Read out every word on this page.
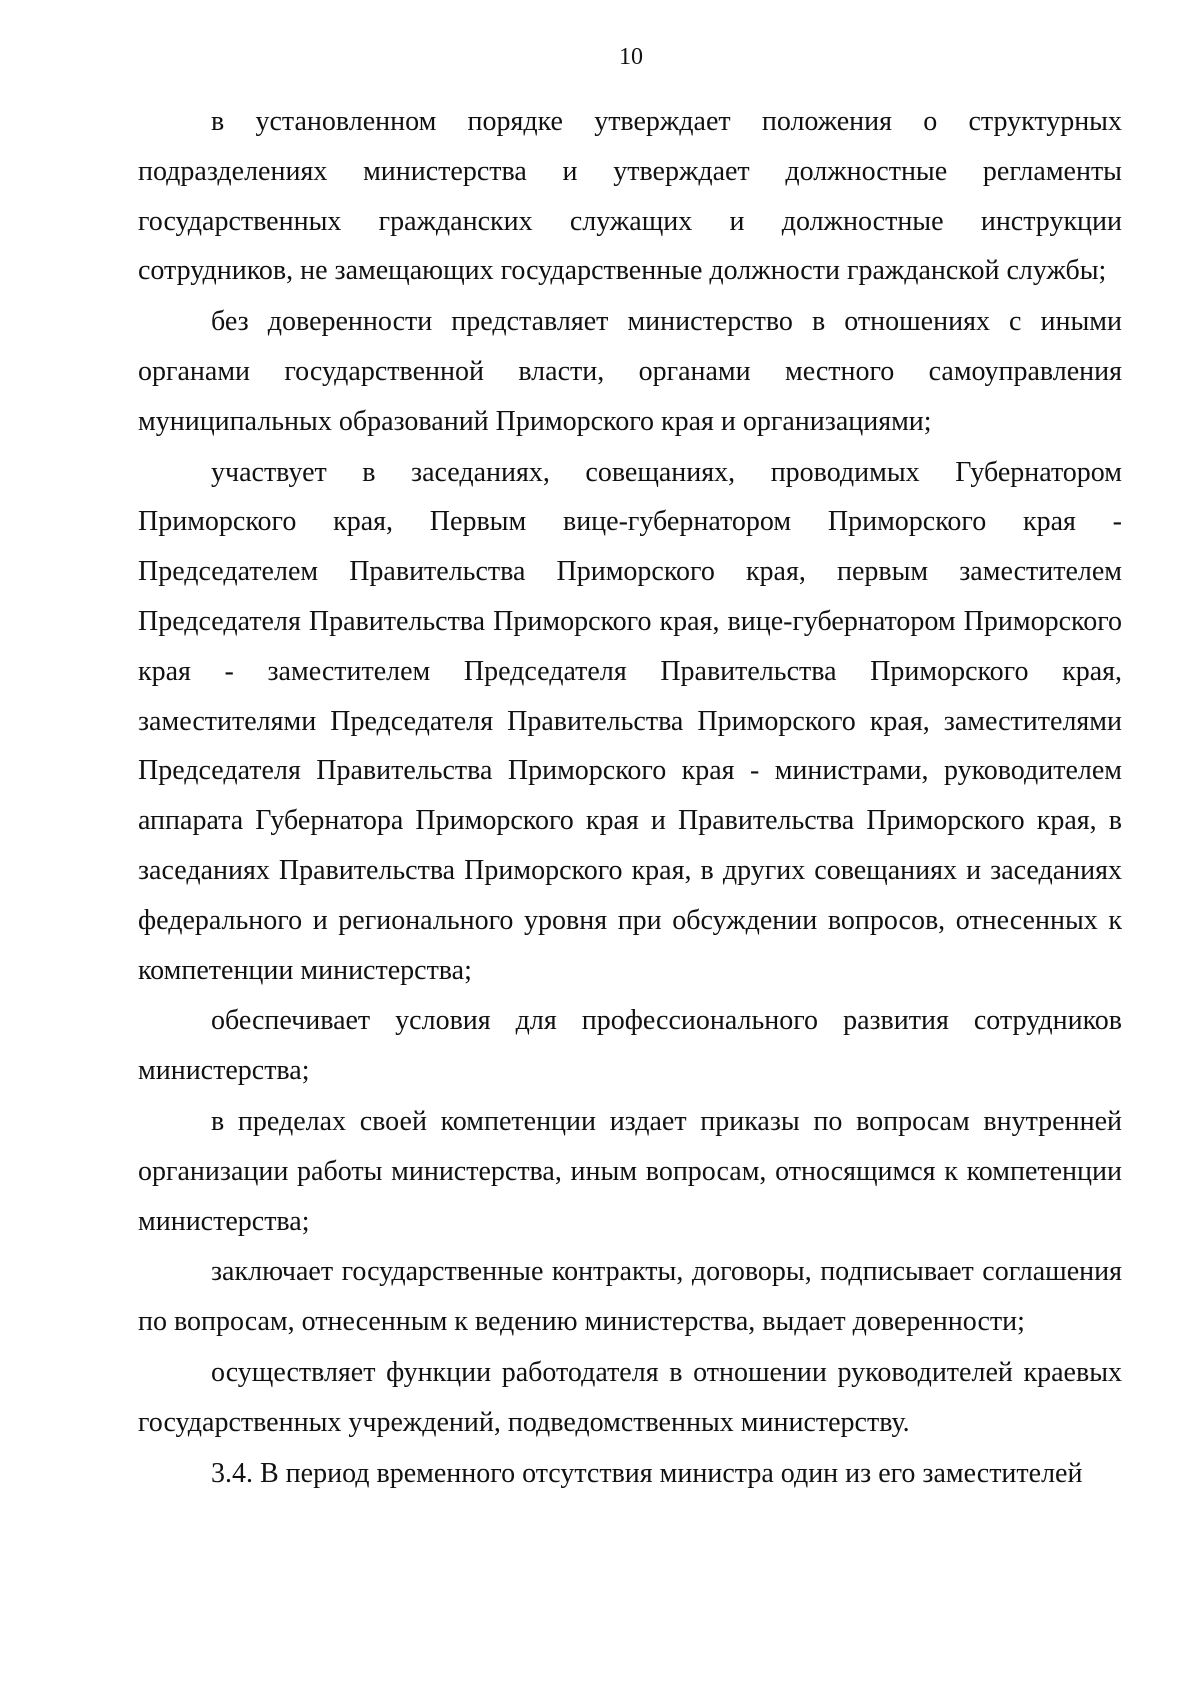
10

в установленном порядке утверждает положения о структурных подразделениях министерства и утверждает должностные регламенты государственных гражданских служащих и должностные инструкции сотрудников, не замещающих государственные должности гражданской службы;

без доверенности представляет министерство в отношениях с иными органами государственной власти, органами местного самоуправления муниципальных образований Приморского края и организациями;

участвует в заседаниях, совещаниях, проводимых Губернатором Приморского края, Первым вице-губернатором Приморского края - Председателем Правительства Приморского края, первым заместителем Председателя Правительства Приморского края, вице-губернатором Приморского края - заместителем Председателя Правительства Приморского края, заместителями Председателя Правительства Приморского края, заместителями Председателя Правительства Приморского края - министрами, руководителем аппарата Губернатора Приморского края и Правительства Приморского края, в заседаниях Правительства Приморского края, в других совещаниях и заседаниях федерального и регионального уровня при обсуждении вопросов, отнесенных к компетенции министерства;

обеспечивает условия для профессионального развития сотрудников министерства;

в пределах своей компетенции издает приказы по вопросам внутренней организации работы министерства, иным вопросам, относящимся к компетенции министерства;

заключает государственные контракты, договоры, подписывает соглашения по вопросам, отнесенным к ведению министерства, выдает доверенности;

осуществляет функции работодателя в отношении руководителей краевых государственных учреждений, подведомственных министерству.

3.4. В период временного отсутствия министра один из его заместителей
